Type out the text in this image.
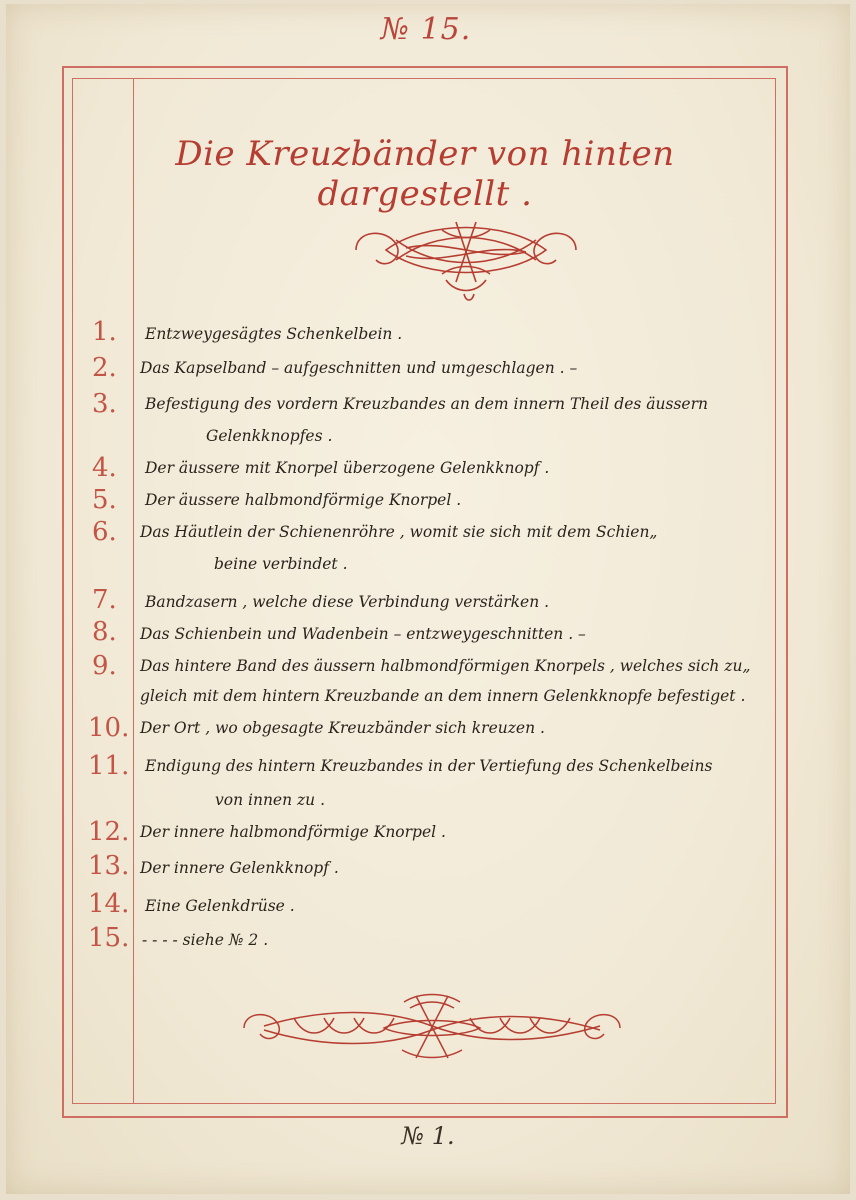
№ 15.
Die Kreuzbänder von hinten dargestellt .
1.	Entzweygesägtes Schenkelbein .
2.	Das Kapselband – aufgeschnitten und umgeschlagen . –
3.	Befestigung des vordern Kreuzbandes an dem innern Theil des äussern
Gelenkknopfes .
4.	Der äussere mit Knorpel überzogene Gelenkknopf .
5.	Der äussere halbmondförmige Knorpel .
6.	Das Häutlein der Schienenröhre , womit sie sich mit dem Schien„
beine verbindet .
7.	Bandzasern , welche diese Verbindung verstärken .
8.	Das Schienbein und Wadenbein – entzweygeschnitten . –
9.	Das hintere Band des äussern halbmondförmigen Knorpels , welches sich zu„
gleich mit dem hintern Kreuzbande an dem innern Gelenkknopfe befestiget .
10. Der Ort , wo obgesagte Kreuzbänder sich kreuzen .
11.	Endigung des hintern Kreuzbandes in der Vertiefung des Schenkelbeins
von innen zu .
12. Der innere halbmondförmige Knorpel .
13. Der innere Gelenkknopf .
14.	Eine Gelenkdrüse .
15. - - - - siehe № 2 .
№ 1.
